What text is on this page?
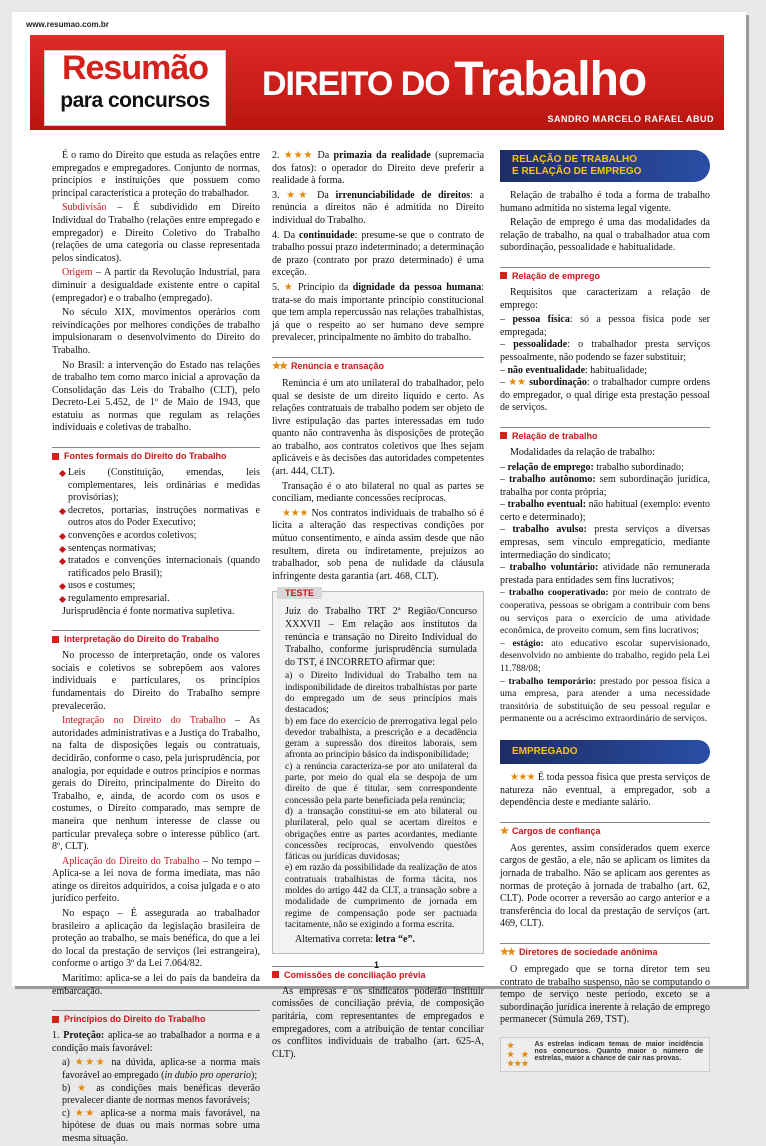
www.resumao.com.br
Resumão
para concursos	DIREITO DO Trabalho
SANDRO MARCELO RAFAEL ABUD

É o ramo do Direito que estuda as relações entre empregados e empregadores. Conjunto de normas, princípios e instituições que possuem como principal característica a proteção do trabalhador.

Subdivisão – É subdividido em Direito Individual do Trabalho (relações entre empregado e empregador) e Direito Coletivo do Trabalho (relações de uma categoria ou classe representada pelos sindicatos).

Origem – A partir da Revolução Industrial, para diminuir a desigualdade existente entre o capital (empregador) e o trabalho (empregado).

No século XIX, movimentos operários com reivindicações por melhores condições de trabalho impulsionaram o desenvolvimento do Direito do Trabalho.

No Brasil: a intervenção do Estado nas relações de trabalho tem como marco inicial a aprovação da Consolidação das Leis do Trabalho (CLT), pelo Decreto-Lei 5.452, de 1º de Maio de 1943, que estatuiu as normas que regulam as relações individuais e coletivas de trabalho.

Fontes formais do Direito do Trabalho
Leis (Constituição, emendas, leis complementares, leis ordinárias e medidas provisórias);
decretos, portarias, instruções normativas e outros atos do Poder Executivo;
convenções e acordos coletivos;
sentenças normativas;
tratados e convenções internacionais (quando ratificados pelo Brasil);
usos e costumes;
regulamento empresarial.

Jurisprudência é fonte normativa supletiva.

Interpretação do Direito do Trabalho

No processo de interpretação, onde os valores sociais e coletivos se sobrepõem aos valores individuais e particulares, os princípios fundamentais do Direito do Trabalho sempre prevalecerão.

Integração no Direito do Trabalho – As autoridades administrativas e a Justiça do Trabalho, na falta de disposições legais ou contratuais, decidirão, conforme o caso, pela jurisprudência, por analogia, por equidade e outros princípios e normas gerais do Direito, principalmente do Direito do Trabalho, e, ainda, de acordo com os usos e costumes, o Direito comparado, mas sempre de maneira que nenhum interesse de classe ou particular prevaleça sobre o interesse público (art. 8º, CLT).

Aplicação do Direito do Trabalho – No tempo – Aplica-se a lei nova de forma imediata, mas não atinge os direitos adquiridos, a coisa julgada e o ato jurídico perfeito.

No espaço – É assegurada ao trabalhador brasileiro a aplicação da legislação brasileira de proteção ao trabalho, se mais benéfica, do que a lei do local da prestação de serviços (lei estrangeira), conforme o artigo 3º da Lei 7.064/82.

Marítimo: aplica-se a lei do país da bandeira da embarcação.

Princípios do Direito do Trabalho

1. Proteção: aplica-se ao trabalhador a norma e a condição mais favorável:

a) ★★★ na dúvida, aplica-se a norma mais favorável ao empregado (in dubio pro operario);
b) ★ as condições mais benéficas deverão prevalecer diante de normas menos favoráveis;
c) ★★ aplica-se a norma mais favorável, na hipótese de duas ou mais normas sobre uma mesma situação.

2. ★★★ Da primazia da realidade (supremacia dos fatos): o operador do Direito deve preferir a realidade à forma.

3. ★★ Da irrenunciabilidade de direitos: a renúncia a direitos não é admitida no Direito individual do Trabalho.

4. Da continuidade: presume-se que o contrato de trabalho possui prazo indeterminado; a determinação de prazo (contrato por prazo determinado) é uma exceção.

5. ★ Princípio da dignidade da pessoa humana: trata-se do mais importante princípio constitucional que tem ampla repercussão nas relações trabalhistas, já que o respeito ao ser humano deve sempre prevalecer, principalmente no âmbito do trabalho.

★★ Renúncia e transação

Renúncia é um ato unilateral do trabalhador, pelo qual se desiste de um direito líquido e certo. As relações contratuais de trabalho podem ser objeto de livre estipulação das partes interessadas em tudo quanto não contravenha às disposições de proteção ao trabalho, aos contratos coletivos que lhes sejam aplicáveis e às decisões das autoridades competentes (art. 444, CLT).

Transação é o ato bilateral no qual as partes se conciliam, mediante concessões recíprocas.

★★★ Nos contratos individuais de trabalho só é lícita a alteração das respectivas condições por mútuo consentimento, e ainda assim desde que não resultem, direta ou indiretamente, prejuízos ao trabalhador, sob pena de nulidade da cláusula infringente desta garantia (art. 468, CLT).

TESTE

Juiz do Trabalho TRT 2ª Região/Concurso XXXVII – Em relação aos institutos da renúncia e transação no Direito Individual do Trabalho, conforme jurisprudência sumulada do TST, é INCORRETO afirmar que:

a) o Direito Individual do Trabalho tem na indisponibilidade de direitos trabalhistas por parte do empregado um de seus princípios mais destacados;
b) em face do exercício de prerrogativa legal pelo devedor trabalhista, a prescrição e a decadência geram a supressão dos direitos laborais, sem afronta ao princípio básico da indisponibilidade;
c) a renúncia caracteriza-se por ato unilateral da parte, por meio do qual ela se despoja de um direito de que é titular, sem correspondente concessão pela parte beneficiada pela renúncia;
d) a transação constitui-se em ato bilateral ou plurilateral, pelo qual se acertam direitos e obrigações entre as partes acordantes, mediante concessões recíprocas, envolvendo questões fáticas ou jurídicas duvidosas;
e) em razão da possibilidade da realização de atos contratuais trabalhistas de forma tácita, nos moldes do artigo 442 da CLT, a transação sobre a modalidade de cumprimento de jornada em regime de compensação pode ser pactuada tacitamente, não se exigindo a forma escrita.

Alternativa correta: letra “e”.

Comissões de conciliação prévia

As empresas e os sindicatos poderão instituir comissões de conciliação prévia, de composição paritária, com representantes de empregados e empregadores, com a atribuição de tentar conciliar os conflitos individuais de trabalho (art. 625-A, CLT).

RELAÇÃO DE TRABALHO
E RELAÇÃO DE EMPREGO

Relação de trabalho é toda a forma de trabalho humano admitida no sistema legal vigente.

Relação de emprego é uma das modalidades da relação de trabalho, na qual o trabalhador atua com subordinação, pessoalidade e habitualidade.

Relação de emprego

Requisitos que caracterizam a relação de emprego:

– pessoa física: só a pessoa física pode ser empregada;
– pessoalidade: o trabalhador presta serviços pessoalmente, não podendo se fazer substituir;
– não eventualidade: habitualidade;
– ★★ subordinação: o trabalhador cumpre ordens do empregador, o qual dirige esta prestação pessoal de serviços.
Relação de trabalho

Modalidades da relação de trabalho:

– relação de emprego: trabalho subordinado;
– trabalho autônomo: sem subordinação jurídica, trabalha por conta própria;
– trabalho eventual: não habitual (exemplo: evento certo e determinado);
– trabalho avulso: presta serviços a diversas empresas, sem vínculo empregatício, mediante intermediação do sindicato;
– trabalho voluntário: atividade não remunerada prestada para entidades sem fins lucrativos;
– trabalho cooperativado: por meio de contrato de cooperativa, pessoas se obrigam a contribuir com bens ou serviços para o exercício de uma atividade econômica, de proveito comum, sem fins lucrativos;
– estágio: ato educativo escolar supervisionado, desenvolvido no ambiente do trabalho, regido pela Lei 11.788/08;
– trabalho temporário: prestado por pessoa física a uma empresa, para atender a uma necessidade transitória de substituição de seu pessoal regular e permanente ou a acréscimo extraordinário de serviços.
EMPREGADO

★★★ É toda pessoa física que presta serviços de natureza não eventual, a empregador, sob a dependência deste e mediante salário.

★ Cargos de confiança

Aos gerentes, assim considerados quem exerce cargos de gestão, a ele, não se aplicam os limites da jornada de trabalho. Não se aplicam aos gerentes as normas de proteção à jornada de trabalho (art. 62, CLT). Pode ocorrer a reversão ao cargo anterior e a transferência do local da prestação de serviços (art. 469, CLT).

★★ Diretores de sociedade anônima

O empregado que se torna diretor tem seu contrato de trabalho suspenso, não se computando o tempo de serviço neste período, exceto se a subordinação jurídica inerente à relação de emprego permanecer (Súmula 269, TST).

★ ★★ ★★★
As estrelas indicam temas de maior incidência nos concursos. Quanto maior o número de estrelas, maior a chance de cair nas provas.
1
